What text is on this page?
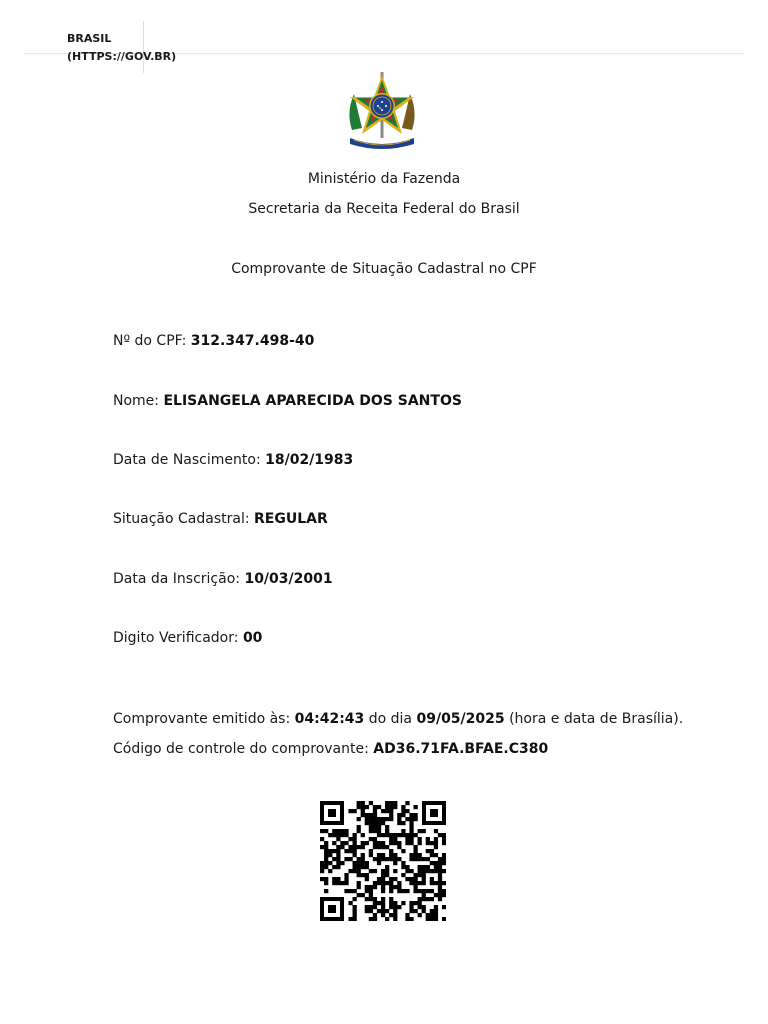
BRASIL
(HTTPS://GOV.BR)
Ministério da Fazenda
Secretaria da Receita Federal do Brasil
Comprovante de Situação Cadastral no CPF
Nº do CPF: 312.347.498-40
Nome: ELISANGELA APARECIDA DOS SANTOS
Data de Nascimento: 18/02/1983
Situação Cadastral: REGULAR
Data da Inscrição: 10/03/2001
Digito Verificador: 00
Comprovante emitido às: 04:42:43 do dia 09/05/2025 (hora e data de Brasília).
Código de controle do comprovante: AD36.71FA.BFAE.C380
